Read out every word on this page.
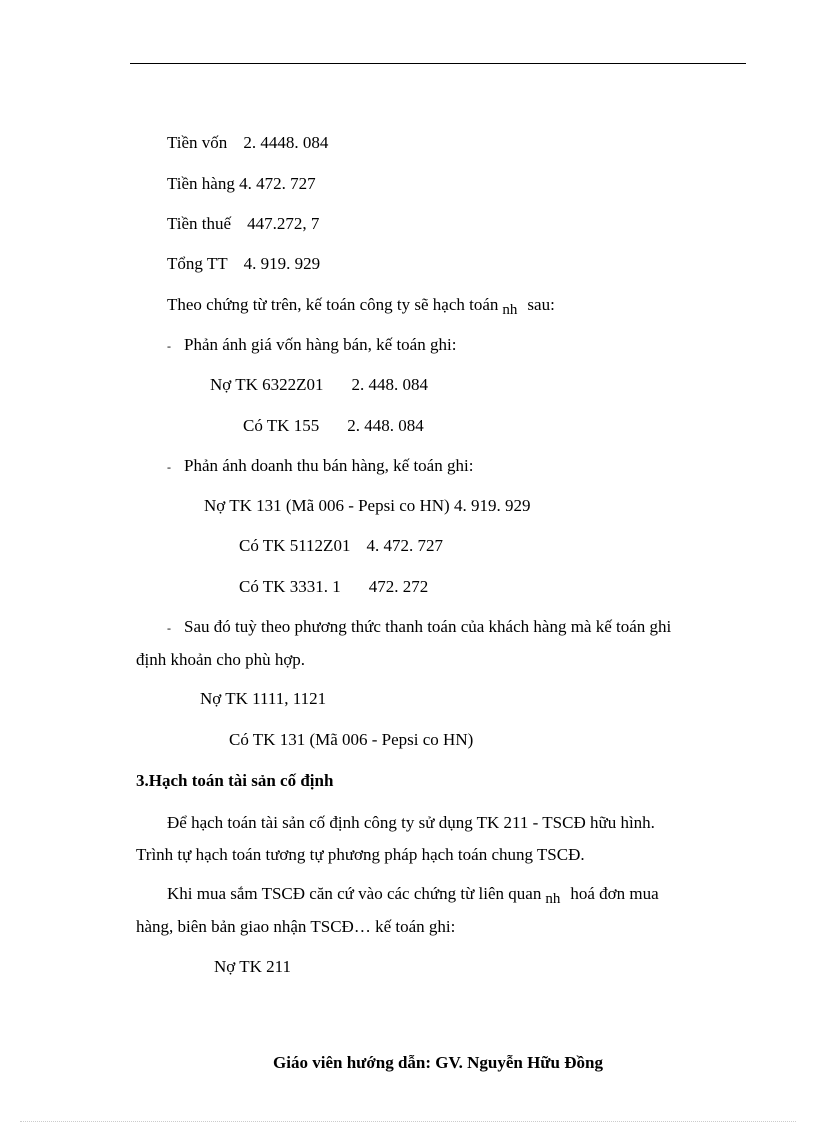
Tiền vốn 2. 4448. 084
Tiền hàng 4. 472. 727
Tiền thuế 447.272, 7
Tổng TT 4. 919. 929
Theo chứng từ trên, kế toán công ty sẽ hạch toán nh sau:
‐ Phản ánh giá vốn hàng bán, kế toán ghi:
Nợ TK 6322Z01 2. 448. 084
Có TK 155 2. 448. 084
‐ Phản ánh doanh thu bán hàng, kế toán ghi:
Nợ TK 131 (Mã 006 - Pepsi co HN) 4. 919. 929
Có TK 5112Z01 4. 472. 727
Có TK 3331. 1 472. 272
‐ Sau đó tuỳ theo phương thức thanh toán của khách hàng mà kế toán ghi
định khoản cho phù hợp.
Nợ TK 1111, 1121
Có TK 131 (Mã 006 - Pepsi co HN)
3.Hạch toán tài sản cố định
Để hạch toán tài sản cố định công ty sử dụng TK 211 - TSCĐ hữu hình.
Trình tự hạch toán tương tự phương pháp hạch toán chung TSCĐ.
Khi mua sắm TSCĐ căn cứ vào các chứng từ liên quan nh hoá đơn mua
hàng, biên bản giao nhận TSCĐ… kế toán ghi:
Nợ TK 211
Giáo viên hướng dẫn: GV. Nguyễn Hữu Đồng
